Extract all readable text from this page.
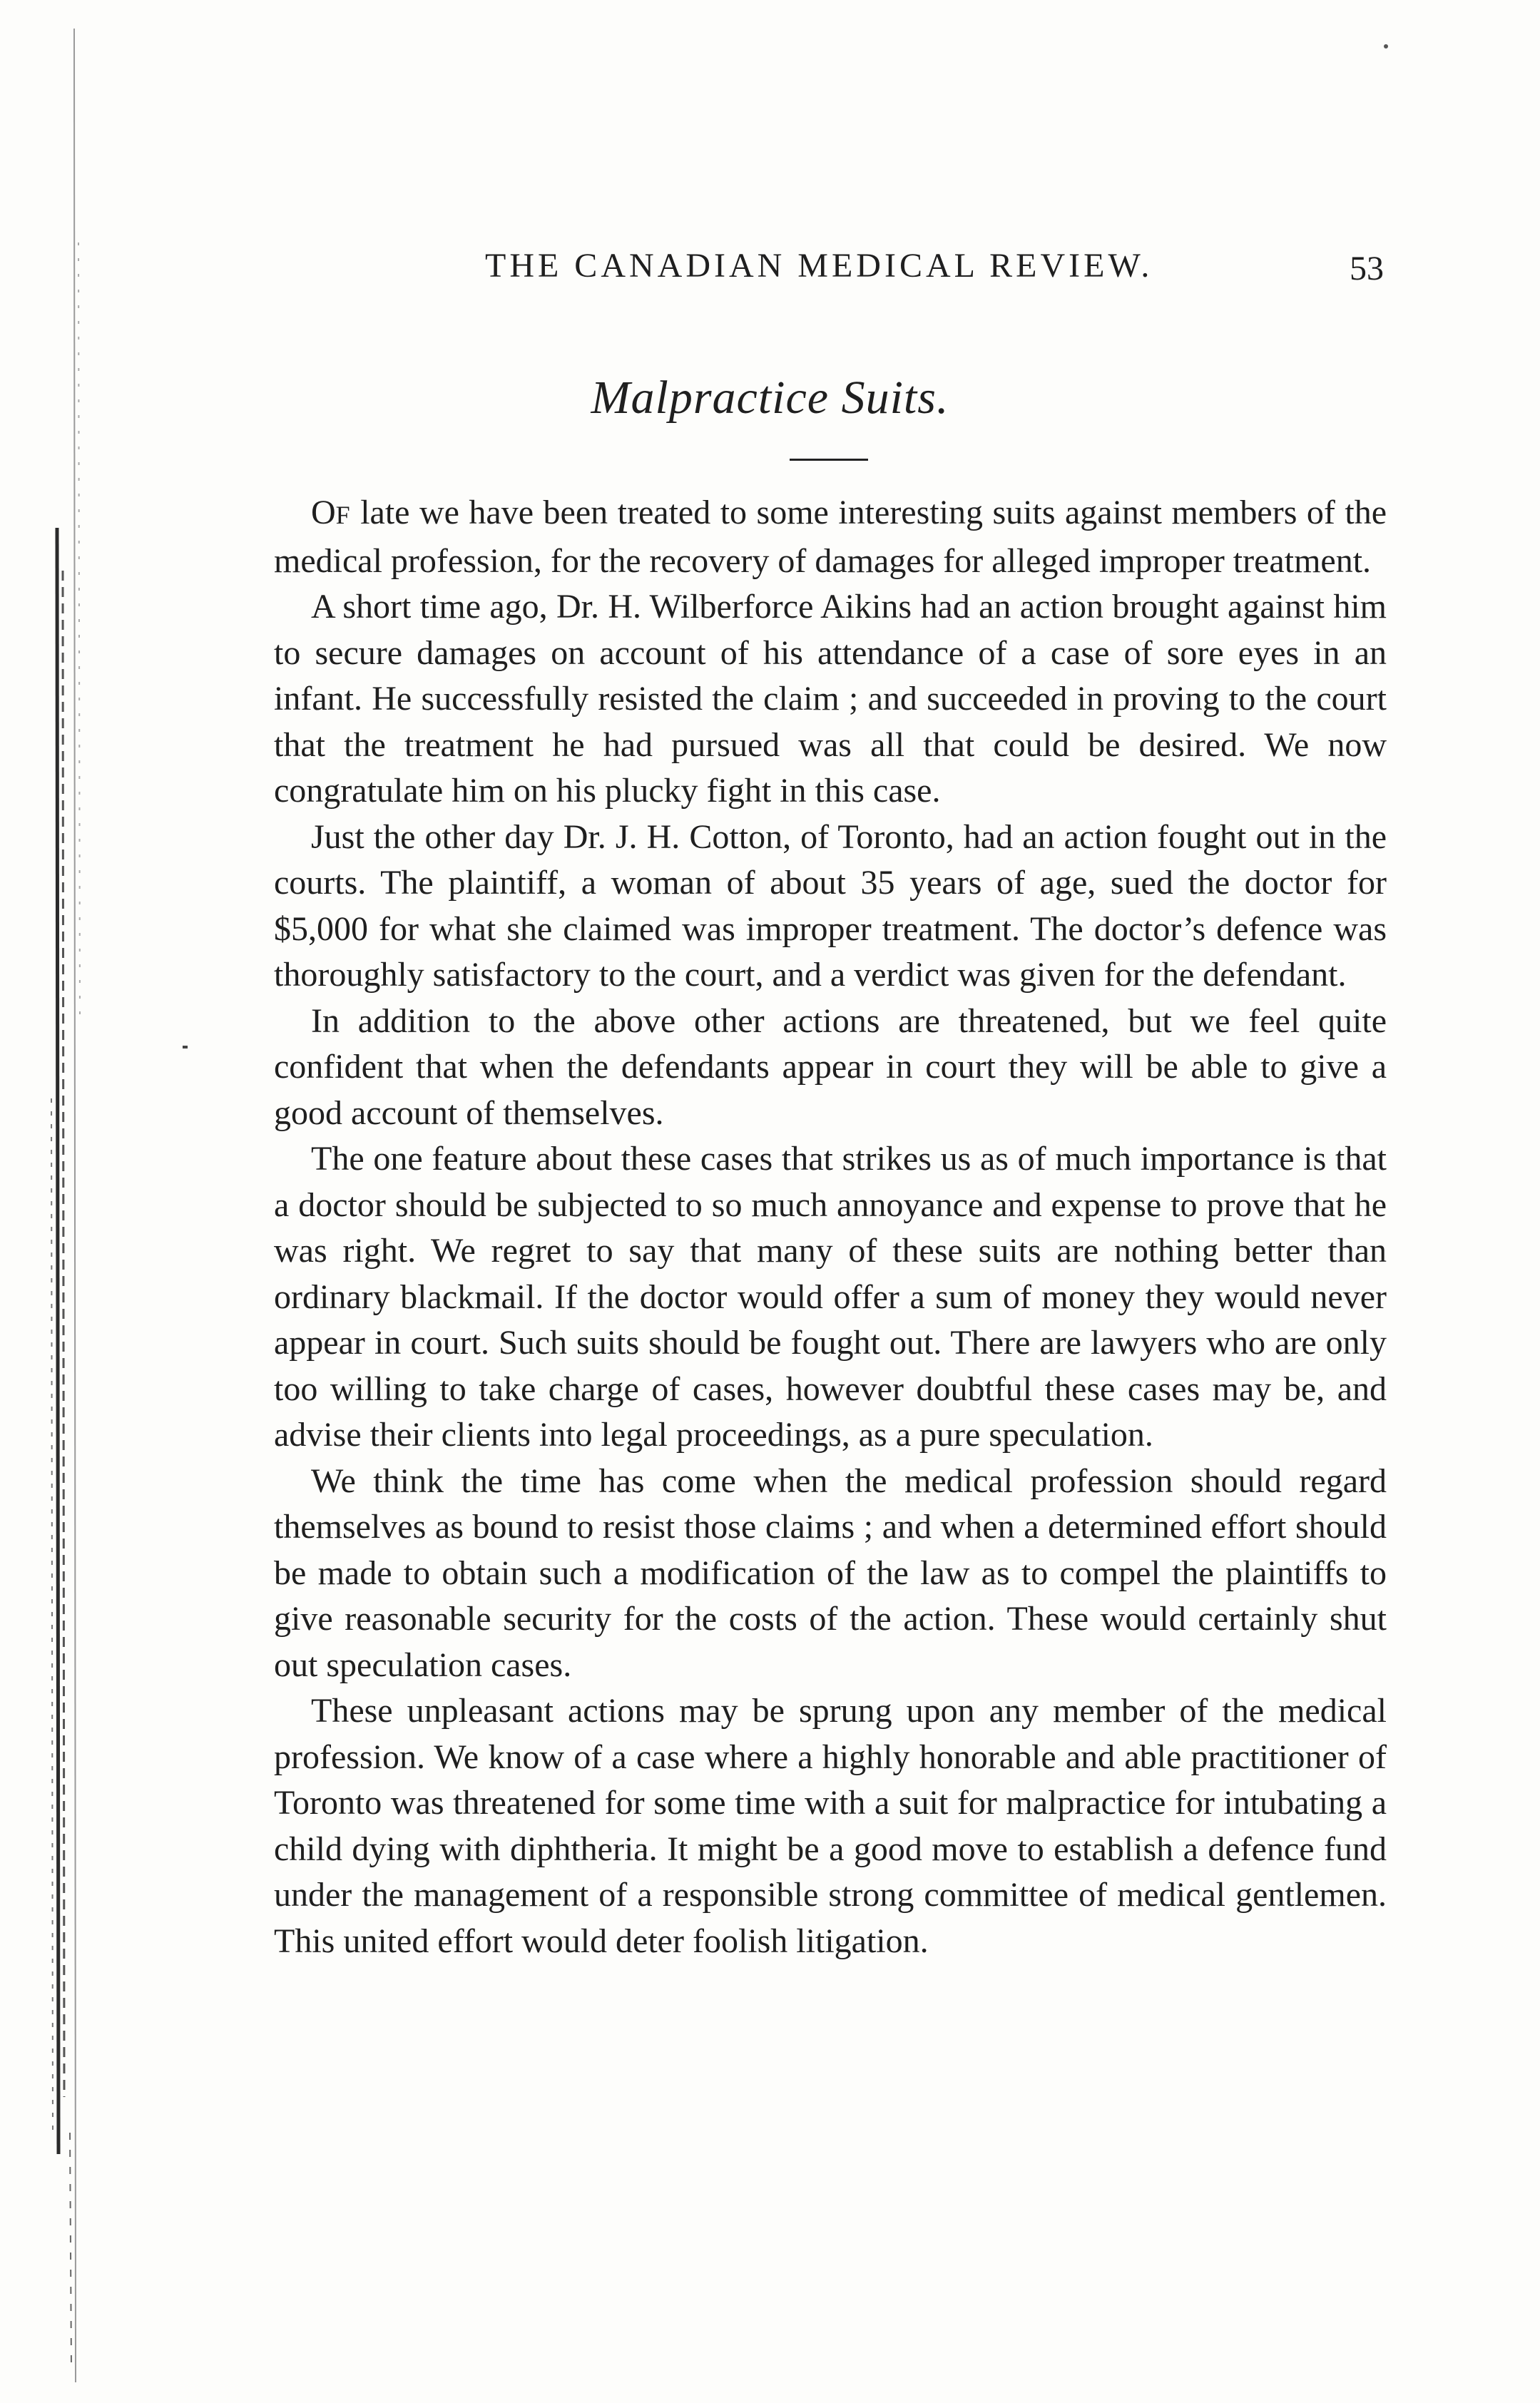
THE CANADIAN MEDICAL REVIEW.	53
Malpractice Suits.

OF late we have been treated to some interesting suits against members of the medical profession, for the recovery of damages for alleged improper treatment.

A short time ago, Dr. H. Wilberforce Aikins had an action brought against him to secure damages on account of his attendance of a case of sore eyes in an infant. He successfully resisted the claim ; and succeeded in proving to the court that the treatment he had pursued was all that could be desired. We now congratulate him on his plucky fight in this case.

Just the other day Dr. J. H. Cotton, of Toronto, had an action fought out in the courts. The plaintiff, a woman of about 35 years of age, sued the doctor for $5,000 for what she claimed was improper treatment. The doctor’s defence was thoroughly satisfactory to the court, and a verdict was given for the defendant.

In addition to the above other actions are threatened, but we feel quite confident that when the defendants appear in court they will be able to give a good account of themselves.

The one feature about these cases that strikes us as of much importance is that a doctor should be subjected to so much annoyance and expense to prove that he was right. We regret to say that many of these suits are nothing better than ordinary blackmail. If the doctor would offer a sum of money they would never appear in court. Such suits should be fought out. There are lawyers who are only too willing to take charge of cases, however doubtful these cases may be, and advise their clients into legal proceedings, as a pure speculation.

We think the time has come when the medical profession should regard themselves as bound to resist those claims ; and when a determined effort should be made to obtain such a modification of the law as to compel the plaintiffs to give reasonable security for the costs of the action. These would certainly shut out speculation cases.

These unpleasant actions may be sprung upon any member of the medical profession. We know of a case where a highly honorable and able practitioner of Toronto was threatened for some time with a suit for malpractice for intubating a child dying with diphtheria. It might be a good move to establish a defence fund under the management of a responsible strong committee of medical gentlemen. This united effort would deter foolish litigation.
